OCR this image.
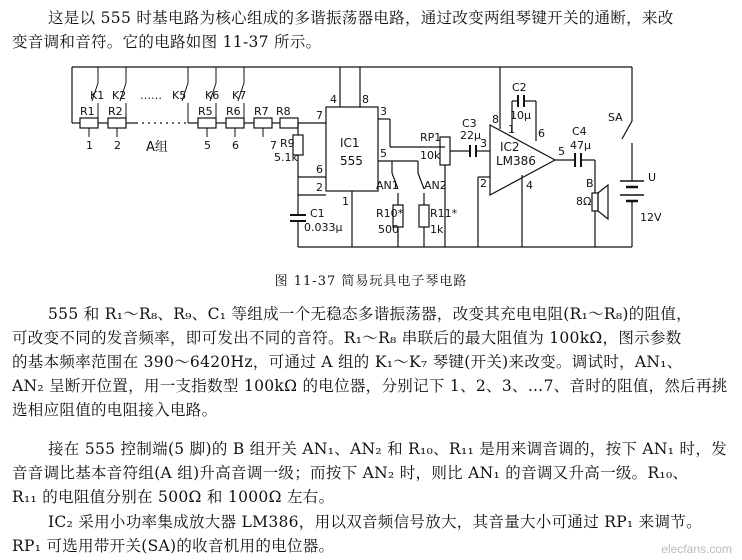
这是以 555 时基电路为核心组成的多谐振荡器电路，通过改变两组琴键开关的通断，来改
变音调和音符。它的电路如图 11-37 所示。
K1 K2 …… K5 K6 K7
R1 R2	R5 R6 R7 R8
R9
1 2	5 6	7
A组
5.1k
IC1
555
4 8
7	3
6
2
5
1
C1
0.033μ
AN1 AN2
R10*
500
R11*
1k
RP1
10k
C3
22μ
C2
10μ
IC2
LM386
8
1 6
3
2
5
4
C4
47μ
B
8Ω
SA
U
12V
图 11-37 简易玩具电子琴电路
555 和 R₁～R₈、R₉、C₁ 等组成一个无稳态多谐振荡器，改变其充电电阻(R₁～R₈)的阻值，
可改变不同的发音频率，即可发出不同的音符。R₁～R₈ 串联后的最大阻值为 100kΩ，图示参数
的基本频率范围在 390～6420Hz，可通过 A 组的 K₁～K₇ 琴键(开关)来改变。调试时，AN₁、
AN₂ 呈断开位置，用一支指数型 100kΩ 的电位器，分别记下 1、2、3、…7、音时的阻值，然后再挑
选相应阻值的电阻接入电路。
接在 555 控制端(5 脚)的 B 组开关 AN₁、AN₂ 和 R₁₀、R₁₁ 是用来调音调的，按下 AN₁ 时，发
音音调比基本音符组(A 组)升高音调一级；而按下 AN₂ 时，则比 AN₁ 的音调又升高一级。R₁₀、
R₁₁ 的电阻值分别在 500Ω 和 1000Ω 左右。
IC₂ 采用小功率集成放大器 LM386，用以双音频信号放大，其音量大小可通过 RP₁ 来调节。
RP₁ 可选用带开关(SA)的收音机用的电位器。	elecfans.com
